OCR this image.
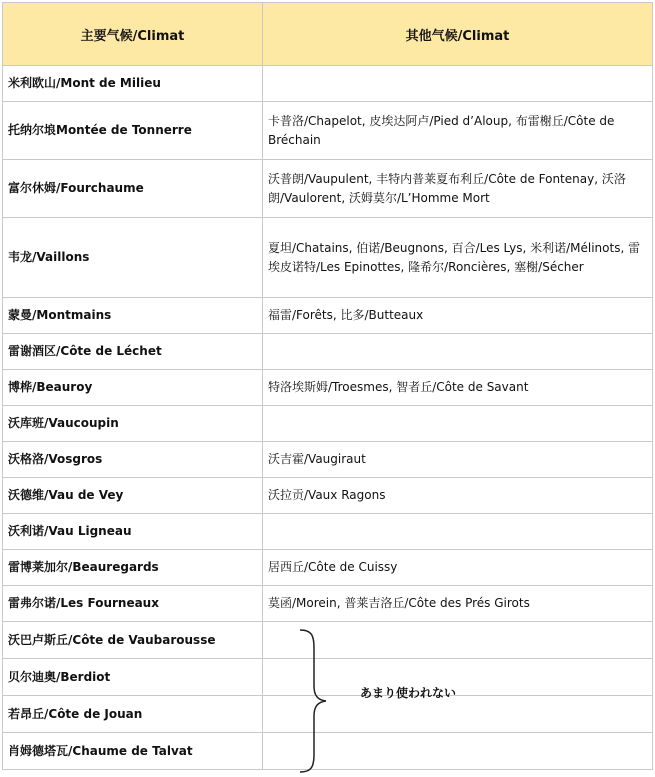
主要气候/Climat	其他气候/Climat
米利欧山/Mont de Milieu	
托纳尔埌Montée de Tonnerre	卡普洛/Chapelot, 皮埃达阿卢/Pied d’Aloup, 布雷榭丘/Côte de Bréchain
富尔休姆/Fourchaume	沃普朗/Vaupulent, 丰特内普莱夏布利丘/Côte de Fontenay, 沃洛朗/Vaulorent, 沃姆莫尔/L’Homme Mort
韦龙/Vaillons	夏坦/Chatains, 伯诺/Beugnons, 百合/Les Lys, 米利诺/Mélinots, 雷埃皮诺特/Les Epinottes, 隆希尔/Roncières, 塞榭/Sécher
蒙曼/Montmains	福雷/Forêts, 比多/Butteaux
雷谢酒区/Côte de Léchet	
博桦/Beauroy	特洛埃斯姆/Troesmes, 智者丘/Côte de Savant
沃库班/Vaucoupin	
沃格洛/Vosgros	沃吉霍/Vaugiraut
沃德维/Vau de Vey	沃拉贡/Vaux Ragons
沃利诺/Vau Ligneau	
雷博莱加尔/Beauregards	居西丘/Côte de Cuissy
雷弗尔诺/Les Fourneaux	莫函/Morein, 普莱吉洛丘/Côte des Prés Girots
沃巴卢斯丘/Côte de Vaubarousse	
贝尔迪奥/Berdiot	
若昂丘/Côte de Jouan	
肖姆德塔瓦/Chaume de Talvat	
あまり使われない
